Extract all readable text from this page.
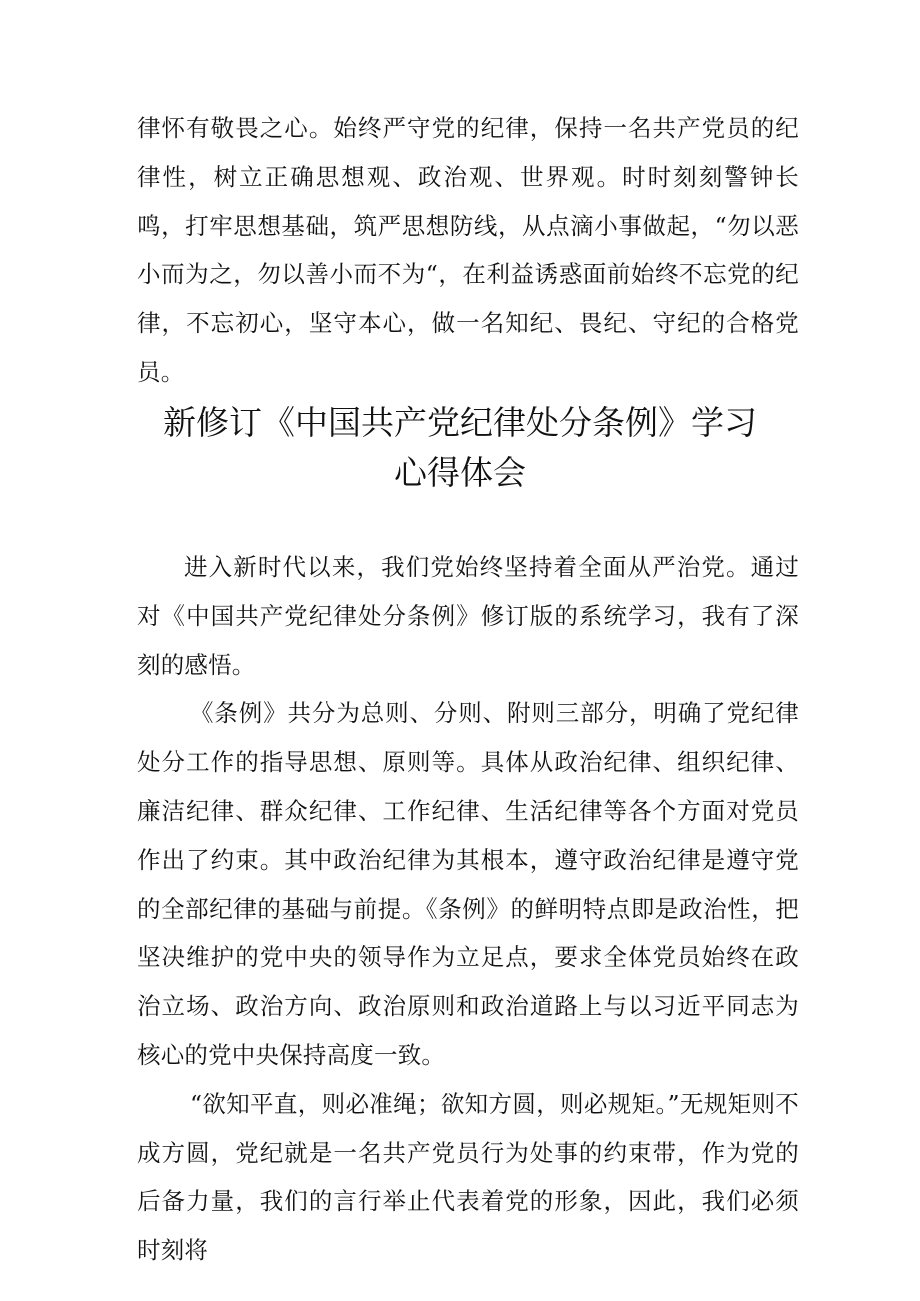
律怀有敬畏之心。始终严守党的纪律，保持一名共产党员的纪律性，树立正确思想观、政治观、世界观。时时刻刻警钟长鸣，打牢思想基础，筑严思想防线，从点滴小事做起，“勿以恶小而为之，勿以善小而不为“，在利益诱惑面前始终不忘党的纪律，不忘初心，坚守本心，做一名知纪、畏纪、守纪的合格党员。

新修订《中国共产党纪律处分条例》学习
心得体会

进入新时代以来，我们党始终坚持着全面从严治党。通过对《中国共产党纪律处分条例》修订版的系统学习，我有了深刻的感悟。

《条例》共分为总则、分则、附则三部分，明确了党纪律处分工作的指导思想、原则等。具体从政治纪律、组织纪律、廉洁纪律、群众纪律、工作纪律、生活纪律等各个方面对党员作出了约束。其中政治纪律为其根本，遵守政治纪律是遵守党的全部纪律的基础与前提。《条例》的鲜明特点即是政治性，把坚决维护的党中央的领导作为立足点，要求全体党员始终在政治立场、政治方向、政治原则和政治道路上与以习近平同志为核心的党中央保持高度一致。

“欲知平直，则必准绳；欲知方圆，则必规矩。”无规矩则不成方圆，党纪就是一名共产党员行为处事的约束带，作为党的后备力量，我们的言行举止代表着党的形象，因此，我们必须时刻将
